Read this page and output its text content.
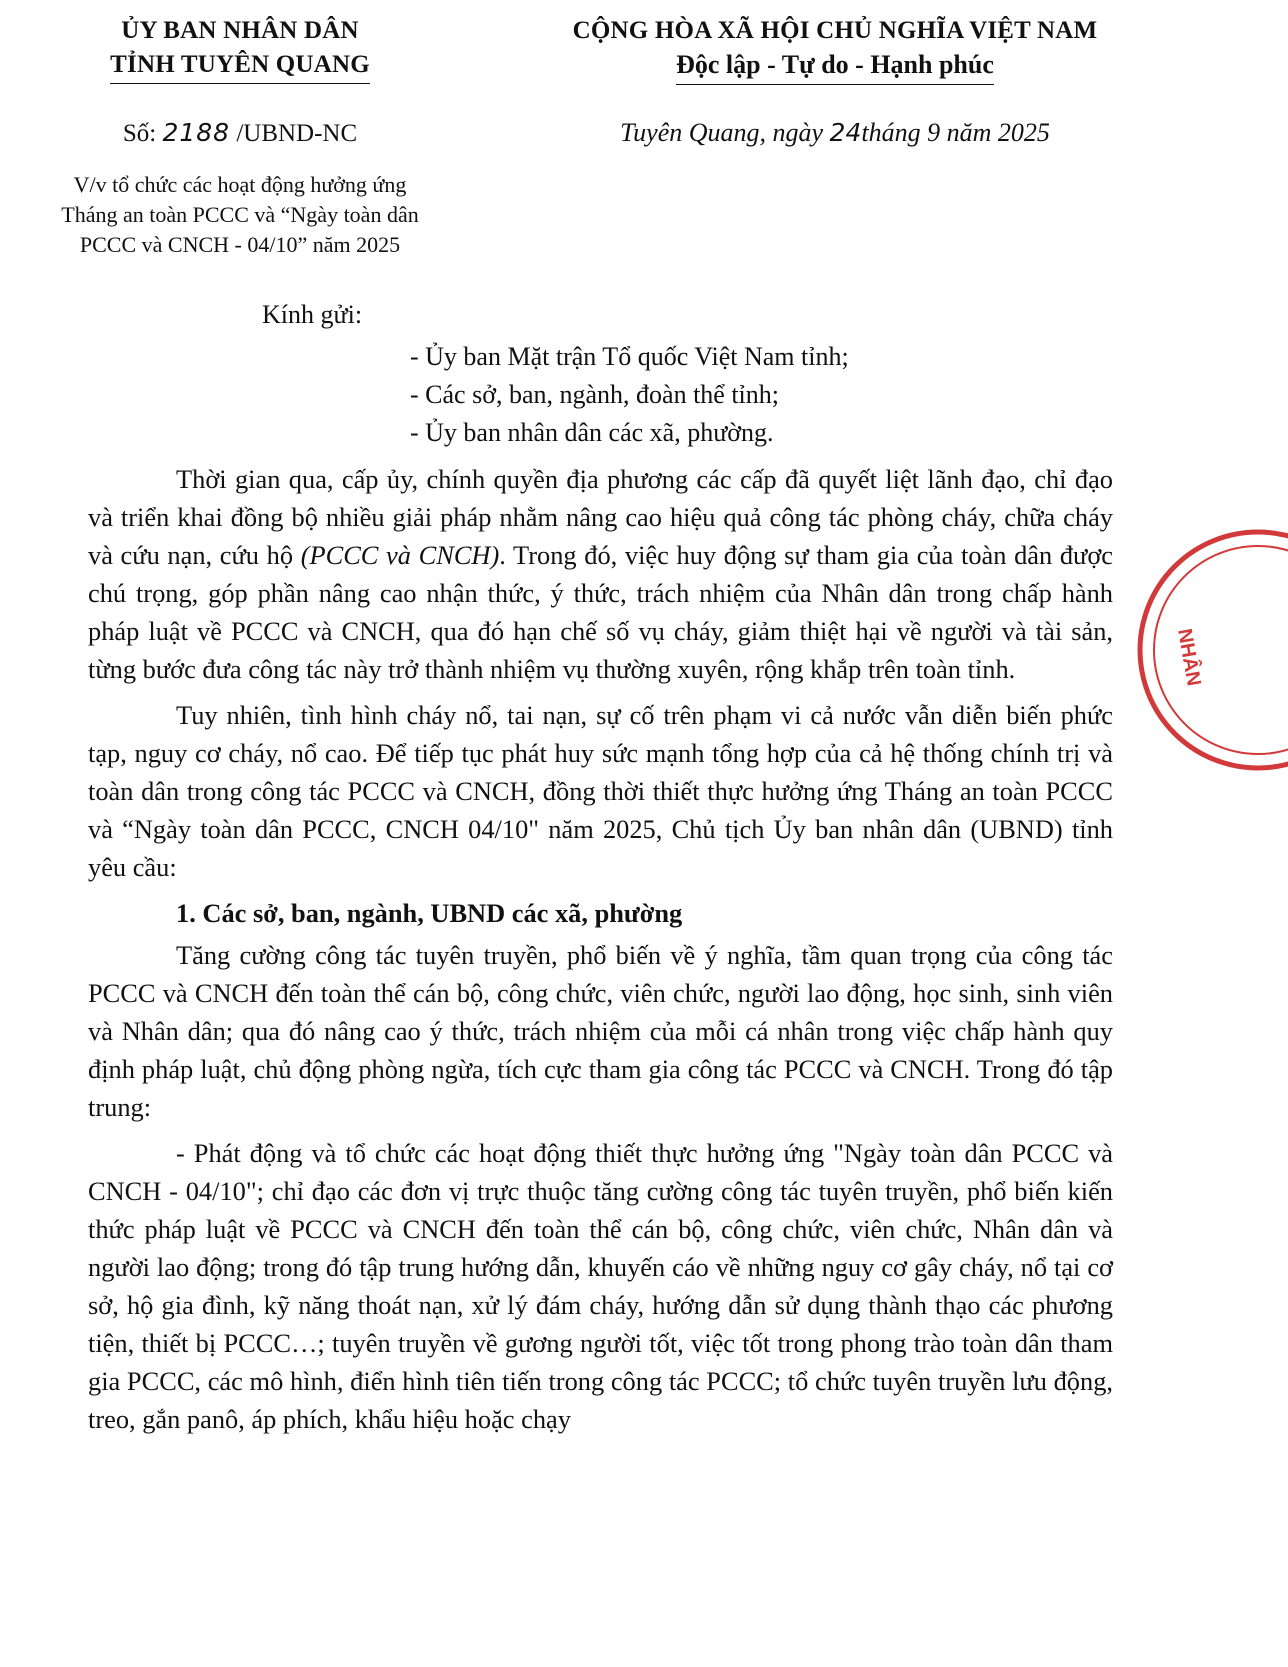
ỦY BAN NHÂN DÂN
TỈNH TUYÊN QUANG
CỘNG HÒA XÃ HỘI CHỦ NGHĨA VIỆT NAM
Độc lập - Tự do - Hạnh phúc
Số: 2188 /UBND-NC	Tuyên Quang, ngày 24tháng 9 năm 2025
V/v tổ chức các hoạt động hưởng ứng
Tháng an toàn PCCC và “Ngày toàn dân
PCCC và CNCH - 04/10” năm 2025
Kính gửi:
- Ủy ban Mặt trận Tổ quốc Việt Nam tỉnh;
- Các sở, ban, ngành, đoàn thể tỉnh;
- Ủy ban nhân dân các xã, phường.

Thời gian qua, cấp ủy, chính quyền địa phương các cấp đã quyết liệt lãnh đạo, chỉ đạo và triển khai đồng bộ nhiều giải pháp nhằm nâng cao hiệu quả công tác phòng cháy, chữa cháy và cứu nạn, cứu hộ (PCCC và CNCH). Trong đó, việc huy động sự tham gia của toàn dân được chú trọng, góp phần nâng cao nhận thức, ý thức, trách nhiệm của Nhân dân trong chấp hành pháp luật về PCCC và CNCH, qua đó hạn chế số vụ cháy, giảm thiệt hại về người và tài sản, từng bước đưa công tác này trở thành nhiệm vụ thường xuyên, rộng khắp trên toàn tỉnh.

Tuy nhiên, tình hình cháy nổ, tai nạn, sự cố trên phạm vi cả nước vẫn diễn biến phức tạp, nguy cơ cháy, nổ cao. Để tiếp tục phát huy sức mạnh tổng hợp của cả hệ thống chính trị và toàn dân trong công tác PCCC và CNCH, đồng thời thiết thực hưởng ứng Tháng an toàn PCCC và “Ngày toàn dân PCCC, CNCH 04/10" năm 2025, Chủ tịch Ủy ban nhân dân (UBND) tỉnh yêu cầu:

1. Các sở, ban, ngành, UBND các xã, phường

Tăng cường công tác tuyên truyền, phổ biến về ý nghĩa, tầm quan trọng của công tác PCCC và CNCH đến toàn thể cán bộ, công chức, viên chức, người lao động, học sinh, sinh viên và Nhân dân; qua đó nâng cao ý thức, trách nhiệm của mỗi cá nhân trong việc chấp hành quy định pháp luật, chủ động phòng ngừa, tích cực tham gia công tác PCCC và CNCH. Trong đó tập trung:

- Phát động và tổ chức các hoạt động thiết thực hưởng ứng "Ngày toàn dân PCCC và CNCH - 04/10"; chỉ đạo các đơn vị trực thuộc tăng cường công tác tuyên truyền, phổ biến kiến thức pháp luật về PCCC và CNCH đến toàn thể cán bộ, công chức, viên chức, Nhân dân và người lao động; trong đó tập trung hướng dẫn, khuyến cáo về những nguy cơ gây cháy, nổ tại cơ sở, hộ gia đình, kỹ năng thoát nạn, xử lý đám cháy, hướng dẫn sử dụng thành thạo các phương tiện, thiết bị PCCC…; tuyên truyền về gương người tốt, việc tốt trong phong trào toàn dân tham gia PCCC, các mô hình, điển hình tiên tiến trong công tác PCCC; tổ chức tuyên truyền lưu động, treo, gắn panô, áp phích, khẩu hiệu hoặc chạy

NHÂN
